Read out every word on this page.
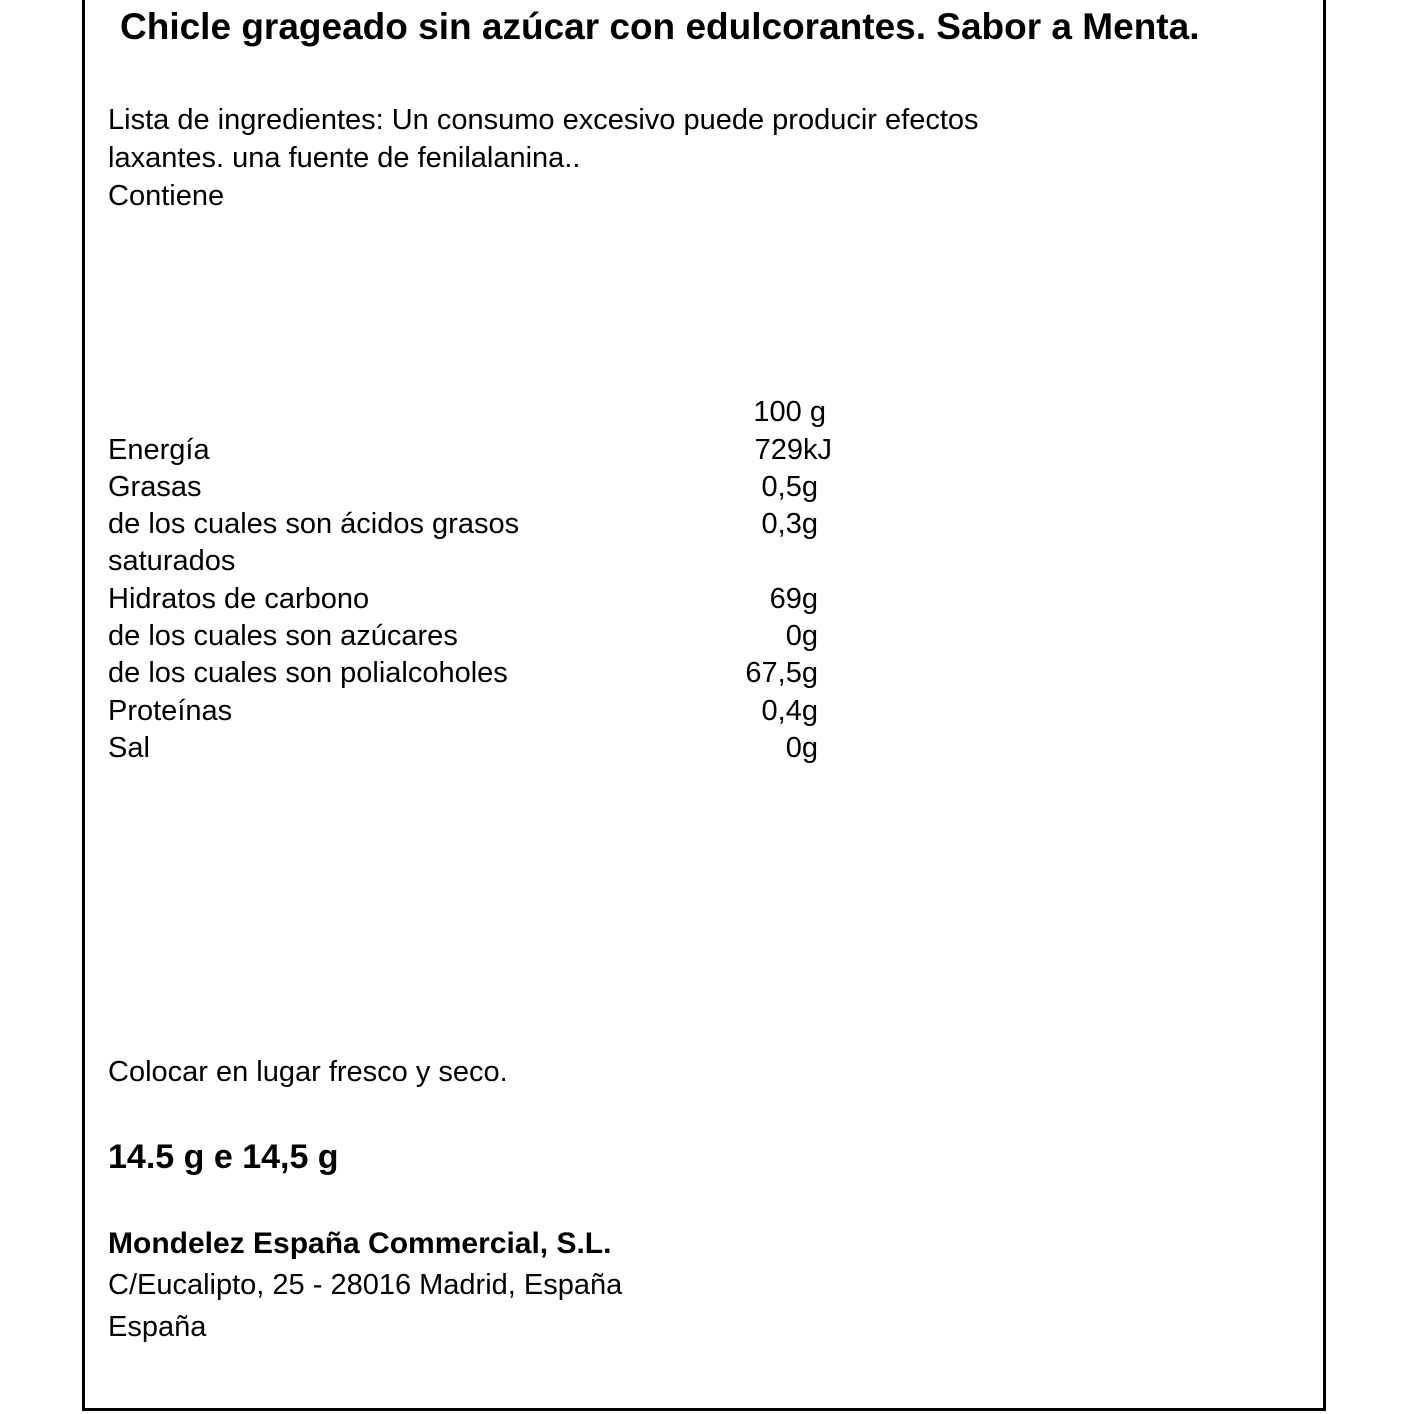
Chicle grageado sin azúcar con edulcorantes. Sabor a Menta.
Lista de ingredientes: Un consumo excesivo puede producir efectos
laxantes. una fuente de fenilalanina..
Contiene
100 g
Energía	729kJ
Grasas	0,5g
de los cuales son ácidos grasos	0,3g
saturados
Hidratos de carbono	69g
de los cuales son azúcares	0g
de los cuales son polialcoholes	67,5g
Proteínas	0,4g
Sal	0g
Colocar en lugar fresco y seco.
14.5 g e 14,5 g
Mondelez España Commercial, S.L.
C/Eucalipto, 25 - 28016 Madrid, España
España
